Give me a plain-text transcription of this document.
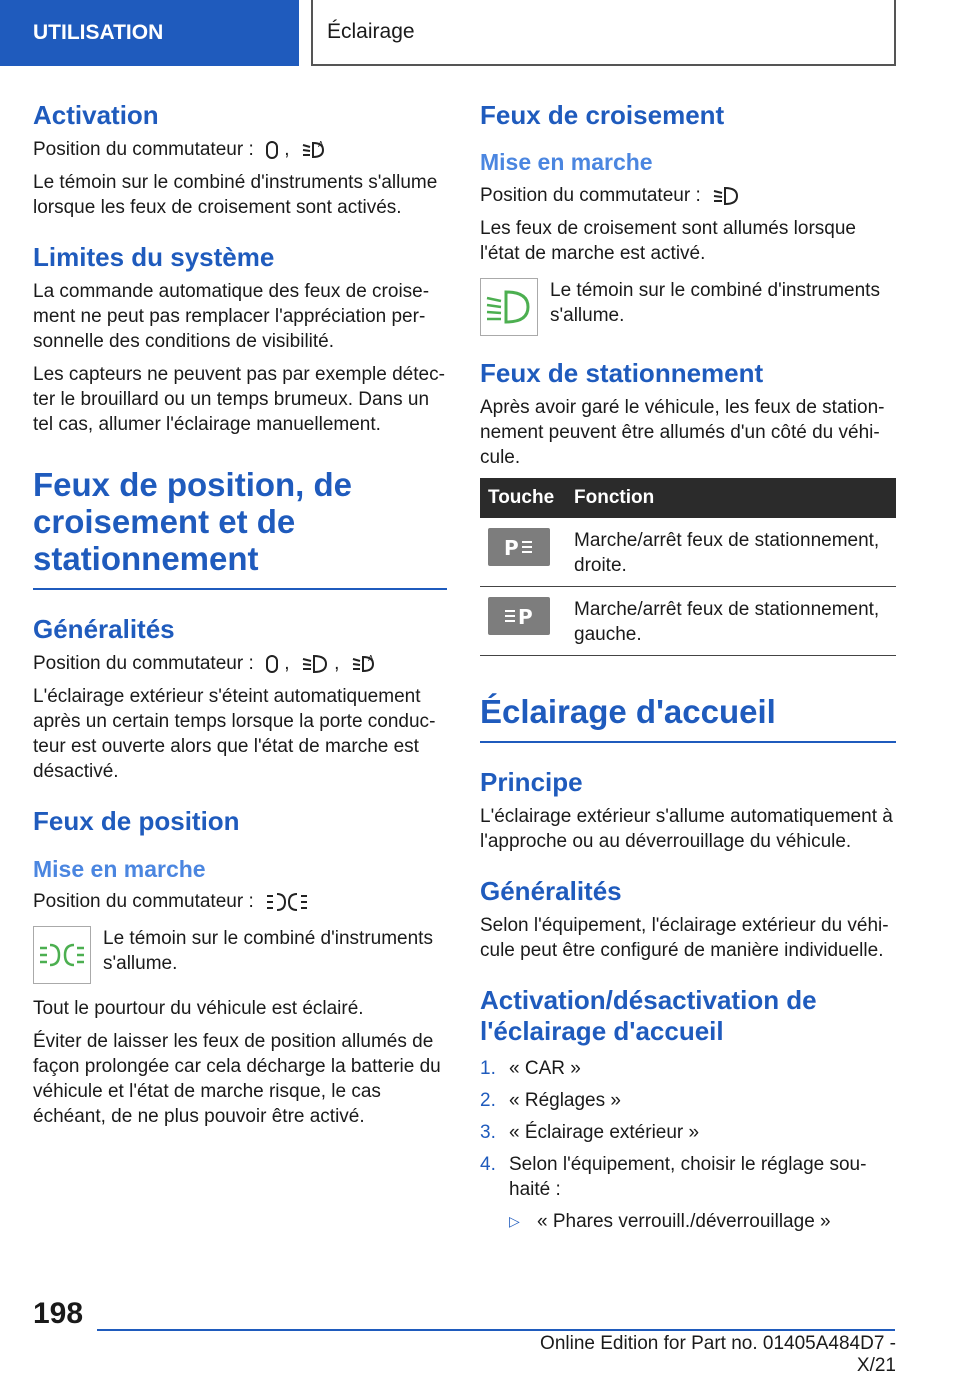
UTILISATION	Éclairage
Activation

Position du commutateur : ,	A

Le témoin sur le combiné d'instruments s'allume lorsque les feux de croisement sont activés.

Limites du système

La commande automatique des feux de croisement ne peut pas remplacer l'appréciation personnelle des conditions de visibilité.

Les capteurs ne peuvent pas par exemple détecter le brouillard ou un temps brumeux. Dans un tel cas, allumer l'éclairage manuellement.

Feux de position, de croisement et de stationnement
Généralités

Position du commutateur : , ,	A

L'éclairage extérieur s'éteint automatiquement après un certain temps lorsque la porte conducteur est ouverte alors que l'état de marche est désactivé.

Feux de position
Mise en marche

Position du commutateur :

Le témoin sur le combiné d'instruments s'allume.

Tout le pourtour du véhicule est éclairé.

Éviter de laisser les feux de position allumés de façon prolongée car cela décharge la batterie du véhicule et l'état de marche risque, le cas échéant, de ne plus pouvoir être activé.

Feux de croisement
Mise en marche

Position du commutateur :

Les feux de croisement sont allumés lorsque l'état de marche est activé.

Le témoin sur le combiné d'instruments s'allume.

Feux de stationnement

Après avoir garé le véhicule, les feux de stationnement peuvent être allumés d'un côté du véhicule.

Touche	Fonction

P	Marche/arrêt feux de stationnement, droite.

P	Marche/arrêt feux de stationnement, gauche.
Éclairage d'accueil
Principe

L'éclairage extérieur s'allume automatiquement à l'approche ou au déverrouillage du véhicule.

Généralités

Selon l'équipement, l'éclairage extérieur du véhicule peut être configuré de manière individuelle.

Activation/désactivation de l'éclairage d'accueil
1. « CAR »
2. « Réglages »
3. « Éclairage extérieur »
4. Selon l'équipement, choisir le réglage souhaité :
▷ « Phares verrouill./déverrouillage »
198
Online Edition for Part no. 01405A484D7 - X/21
